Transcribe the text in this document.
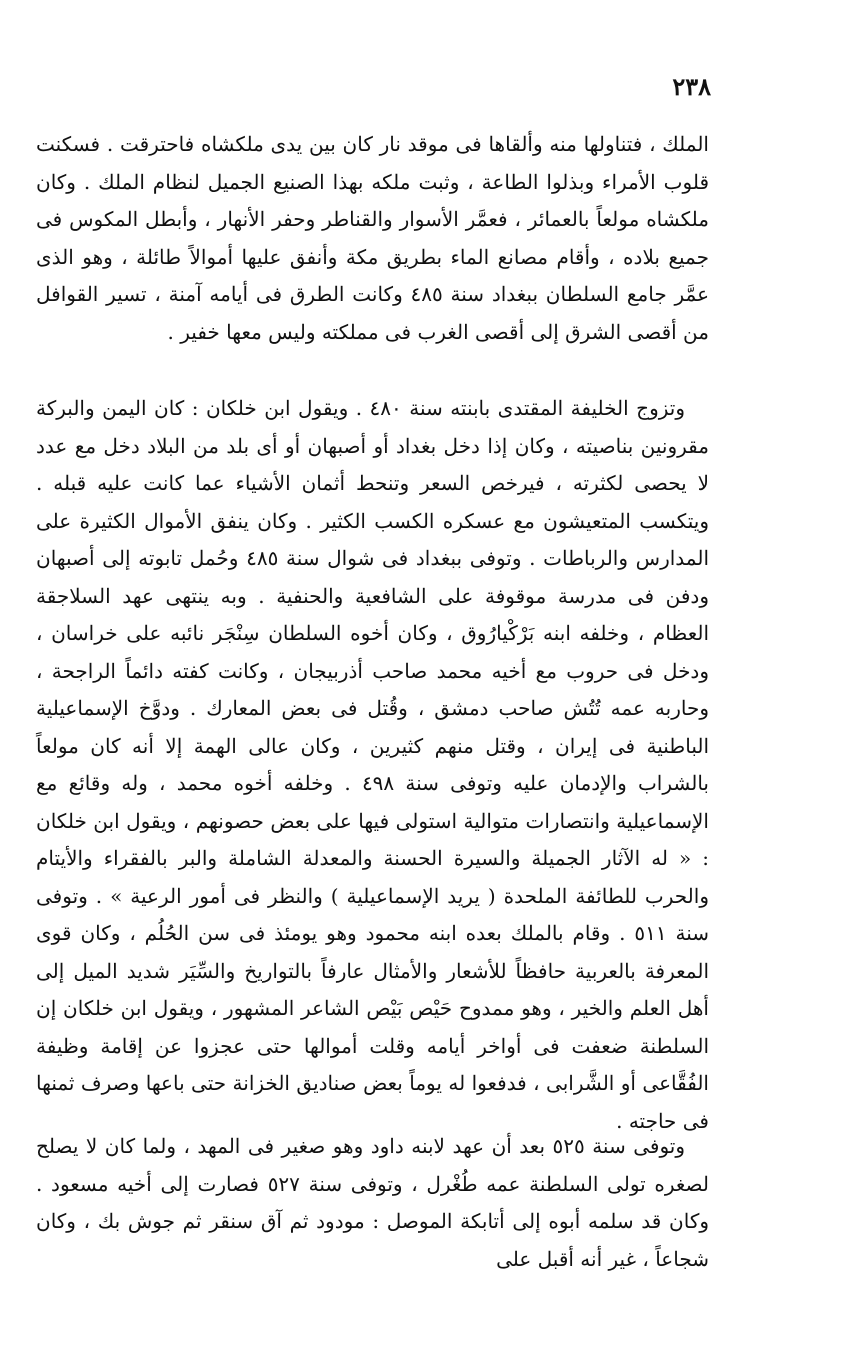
٢٣٨

الملك ، فتناولها منه وألقاها فى موقد نار كان بين يدى ملكشاه فاحترقت . فسكنت قلوب الأمراء وبذلوا الطاعة ، وثبت ملكه بهذا الصنيع الجميل لنظام الملك . وكان ملكشاه مولعاً بالعمائر ، فعمَّر الأسوار والقناطر وحفر الأنهار ، وأبطل المكوس فى جميع بلاده ، وأقام مصانع الماء بطريق مكة وأنفق عليها أموالاً طائلة ، وهو الذى عمَّر جامع السلطان ببغداد سنة ٤٨٥ وكانت الطرق فى أيامه آمنة ، تسير القوافل من أقصى الشرق إلى أقصى الغرب فى مملكته وليس معها خفير .

وتزوج الخليفة المقتدى بابنته سنة ٤٨٠ . ويقول ابن خلكان : كان اليمن والبركة مقرونين بناصيته ، وكان إذا دخل بغداد أو أصبهان أو أى بلد من البلاد دخل مع عدد لا يحصى لكثرته ، فيرخص السعر وتنحط أثمان الأشياء عما كانت عليه قبله . ويتكسب المتعيشون مع عسكره الكسب الكثير . وكان ينفق الأموال الكثيرة على المدارس والرباطات . وتوفى ببغداد فى شوال سنة ٤٨٥ وحُمل تابوته إلى أصبهان ودفن فى مدرسة موقوفة على الشافعية والحنفية . وبه ينتهى عهد السلاجقة العظام ، وخلفه ابنه بَرْكْيارُوق ، وكان أخوه السلطان سِنْجَر نائبه على خراسان ، ودخل فى حروب مع أخيه محمد صاحب أذربيجان ، وكانت كفته دائماً الراجحة ، وحاربه عمه تُتُش صاحب دمشق ، وقُتل فى بعض المعارك . ودوَّخ الإسماعيلية الباطنية فى إيران ، وقتل منهم كثيرين ، وكان عالى الهمة إلا أنه كان مولعاً بالشراب والإدمان عليه وتوفى سنة ٤٩٨ . وخلفه أخوه محمد ، وله وقائع مع الإسماعيلية وانتصارات متوالية استولى فيها على بعض حصونهم ، ويقول ابن خلكان : « له الآثار الجميلة والسيرة الحسنة والمعدلة الشاملة والبر بالفقراء والأيتام والحرب للطائفة الملحدة ( يريد الإسماعيلية ) والنظر فى أمور الرعية » . وتوفى سنة ٥١١ . وقام بالملك بعده ابنه محمود وهو يومئذ فى سن الحُلُم ، وكان قوى المعرفة بالعربية حافظاً للأشعار والأمثال عارفاً بالتواريخ والسِّيَر شديد الميل إلى أهل العلم والخير ، وهو ممدوح حَيْص بَيْص الشاعر المشهور ، ويقول ابن خلكان إن السلطنة ضعفت فى أواخر أيامه وقلت أموالها حتى عجزوا عن إقامة وظيفة الفُقَّاعى أو الشَّرابى ، فدفعوا له يوماً بعض صناديق الخزانة حتى باعها وصرف ثمنها فى حاجته .

وتوفى سنة ٥٢٥ بعد أن عهد لابنه داود وهو صغير فى المهد ، ولما كان لا يصلح لصغره تولى السلطنة عمه طُغْرل ، وتوفى سنة ٥٢٧ فصارت إلى أخيه مسعود . وكان قد سلمه أبوه إلى أتابكة الموصل : مودود ثم آق سنقر ثم جوش بك ، وكان شجاعاً ، غير أنه أقبل على
